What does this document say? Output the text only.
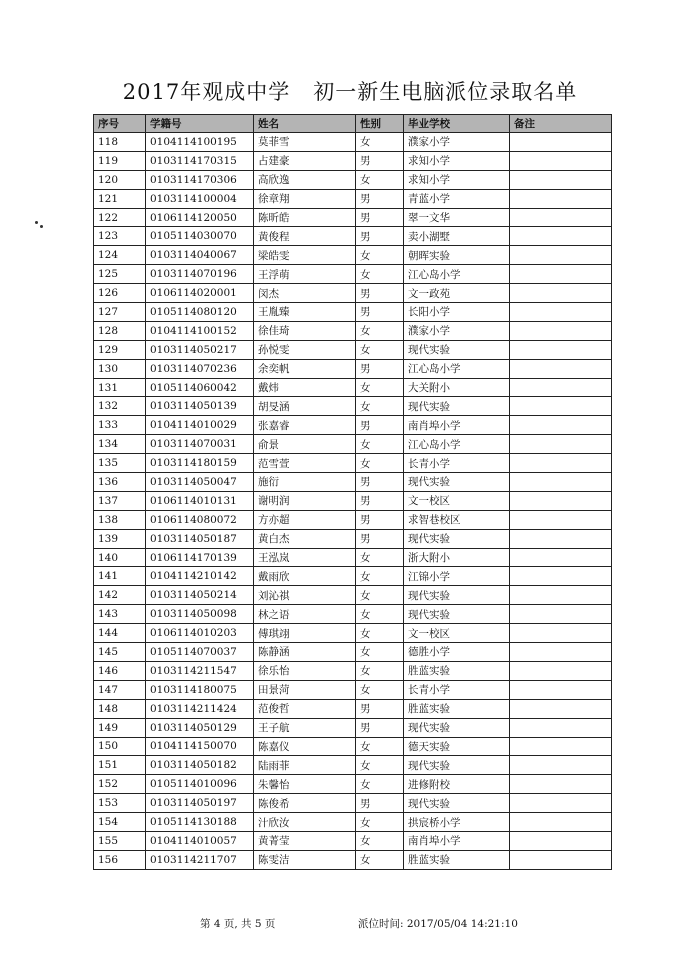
2017年观成中学   初一新生电脑派位录取名单
序号	学籍号	姓名	性别	毕业学校	备注
118	0104114100195	莫菲雪	女	濮家小学	
119	0103114170315	占建豪	男	求知小学	
120	0103114170306	高欣逸	女	求知小学	
121	0103114100004	徐章翔	男	青蓝小学	
122	0106114120050	陈昕皓	男	翠一文华	
123	0105114030070	黄俊程	男	卖小湖墅	
124	0103114040067	梁皓雯	女	朝晖实验	
125	0103114070196	王浮萌	女	江心岛小学	
126	0106114020001	闵杰	男	文一政苑	
127	0105114080120	王胤臻	男	长阳小学	
128	0104114100152	徐佳琦	女	濮家小学	
129	0103114050217	孙悦雯	女	现代实验	
130	0103114070236	余奕帆	男	江心岛小学	
131	0105114060042	戴炜	女	大关附小	
132	0103114050139	胡旻涵	女	现代实验	
133	0104114010029	张嘉睿	男	南肖埠小学	
134	0103114070031	俞景	女	江心岛小学	
135	0103114180159	范雪萱	女	长青小学	
136	0103114050047	施衍	男	现代实验	
137	0106114010131	谢明润	男	文一校区	
138	0106114080072	方亦超	男	求智巷校区	
139	0103114050187	黄白杰	男	现代实验	
140	0106114170139	王泓岚	女	浙大附小	
141	0104114210142	戴雨欣	女	江锦小学	
142	0103114050214	刘沁祺	女	现代实验	
143	0103114050098	林之语	女	现代实验	
144	0106114010203	傅琪翊	女	文一校区	
145	0105114070037	陈静涵	女	德胜小学	
146	0103114211547	徐乐怡	女	胜蓝实验	
147	0103114180075	田景菏	女	长青小学	
148	0103114211424	范俊哲	男	胜蓝实验	
149	0103114050129	王子航	男	现代实验	
150	0104114150070	陈嘉仪	女	德天实验	
151	0103114050182	陆雨菲	女	现代实验	
152	0105114010096	朱馨怡	女	进修附校	
153	0103114050197	陈俊希	男	现代实验	
154	0105114130188	汁欣汝	女	拱宸桥小学	
155	0104114010057	黄菁莹	女	南肖埠小学	
156	0103114211707	陈雯洁	女	胜蓝实验	
第 4 页, 共 5 页	派位时间: 2017/05/04 14:21:10
